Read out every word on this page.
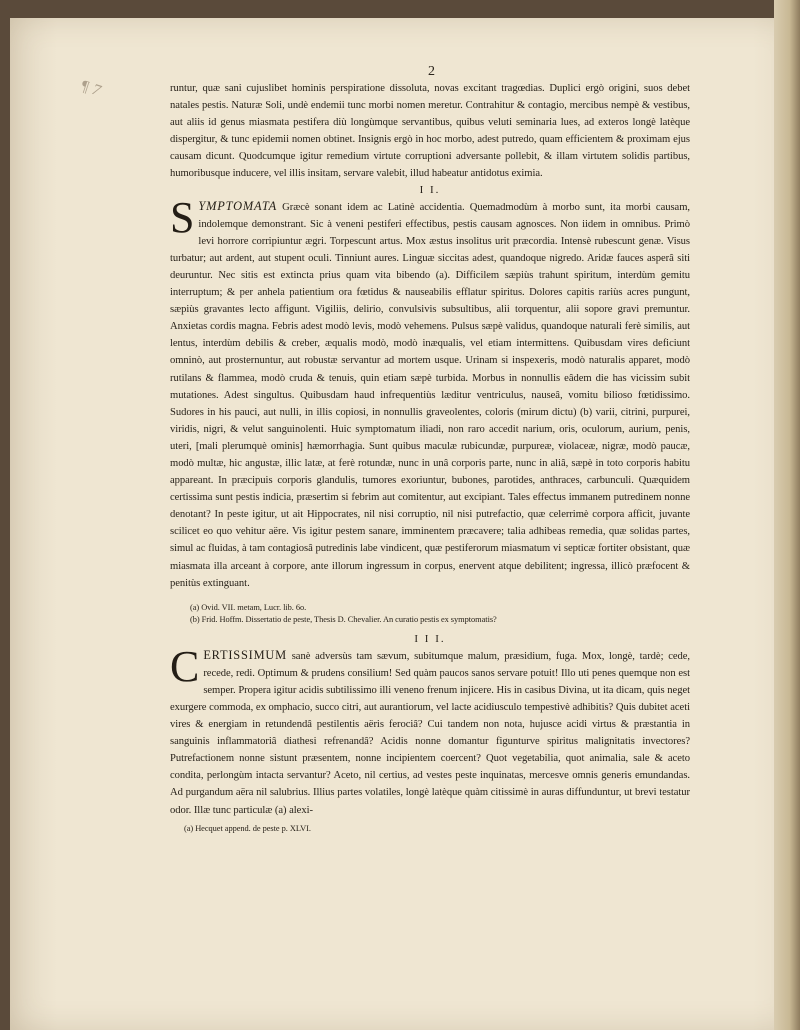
¶ 7
2

runtur, quæ sani cujuslibet hominis perspiratione dissoluta, novas excitant tragœdias. Duplici ergò origini, suos debet natales pestis. Naturæ Soli, undè endemii tunc morbi nomen meretur. Contrahitur & contagio, mercibus nempè & vestibus, aut aliis id genus miasmata pestifera diù longùmque servantibus, quibus veluti seminaria lues, ad exteros longè latèque dispergitur, & tunc epidemii nomen obtinet. Insignis ergò in hoc morbo, adest putredo, quam efficientem & proximam ejus causam dicunt. Quodcumque igitur remedium virtute corruptioni adversante pollebit, & illam virtutem solidis partibus, humoribusque inducere, vel illis insitam, servare valebit, illud habeatur antidotus eximia.

I I.

SYMPTOMATA Græcè sonant idem ac Latinè accidentia. Quemadmodùm à morbo sunt, ita morbi causam, indolemque demonstrant. Sic à veneni pestiferi effectibus, pestis causam agnosces. Non iidem in omnibus. Primò levi horrore corripiuntur ægri. Torpescunt artus. Mox æstus insolitus urit præcordia. Intensè rubescunt genæ. Visus turbatur; aut ardent, aut stupent oculi. Tinniunt aures. Linguæ siccitas adest, quandoque nigredo. Aridæ fauces asperâ siti deuruntur. Nec sitis est extincta prius quam vita bibendo (a). Difficilem sæpiùs trahunt spiritum, interdùm gemitu interruptum; & per anhela patientium ora fœtidus & nauseabilis efflatur spiritus. Dolores capitis rariùs acres pungunt, sæpiùs gravantes lecto affigunt. Vigiliis, delirio, convulsivis subsultibus, alii torquentur, alii sopore gravi premuntur. Anxietas cordis magna. Febris adest modò levis, modò vehemens. Pulsus sæpè validus, quandoque naturali ferè similis, aut lentus, interdùm debilis & creber, æqualis modò, modò inæqualis, vel etiam intermittens. Quibusdam vires deficiunt omninò, aut prosternuntur, aut robustæ servantur ad mortem usque. Urinam si inspexeris, modò naturalis apparet, modò rutilans & flammea, modò cruda & tenuis, quin etiam sæpè turbida. Morbus in nonnullis eâdem die has vicissim subit mutationes. Adest singultus. Quibusdam haud infrequentiùs læditur ventriculus, nauseâ, vomitu bilioso fœtidissimo. Sudores in his pauci, aut nulli, in illis copiosi, in nonnullis graveolentes, coloris (mirum dictu) (b) varii, citrini, purpurei, viridis, nigri, & velut sanguinolenti. Huic symptomatum iliadi, non raro accedit narium, oris, oculorum, aurium, penis, uteri, [mali plerumquè ominis] hæmorrhagia. Sunt quibus maculæ rubicundæ, purpureæ, violaceæ, nigræ, modò paucæ, modò multæ, hic angustæ, illic latæ, at ferè rotundæ, nunc in unâ corporis parte, nunc in aliâ, sæpè in toto corporis habitu appareant. In præcipuis corporis glandulis, tumores exoriuntur, bubones, parotides, anthraces, carbunculi. Quæquidem certissima sunt pestis indicia, præsertim si febrim aut comitentur, aut excipiant. Tales effectus immanem putredinem nonne denotant? In peste igitur, ut ait Hippocrates, nil nisi corruptio, nil nisi putrefactio, quæ celerrimè corpora afficit, juvante scilicet eo quo vehitur aëre. Vis igitur pestem sanare, imminentem præcavere; talia adhibeas remedia, quæ solidas partes, simul ac fluidas, à tam contagiosâ putredinis labe vindicent, quæ pestiferorum miasmatum vi septicæ fortiter obsistant, quæ miasmata illa arceant à corpore, ante illorum ingressum in corpus, enervent atque debilitent; ingressa, illicò præfocent & penitùs extinguant.

(a) Ovid. VII. metam, Lucr. lib. 6o.

(b) Frid. Hoffm. Dissertatio de peste, Thesis D. Chevalier. An curatio pestis ex symptomatis?

I I I.

CERTISSIMUM sanè adversùs tam sævum, subitumque malum, præsidium, fuga. Mox, longè, tardè; cede, recede, redi. Optimum & prudens consilium! Sed quàm paucos sanos servare potuit! Illo uti penes quemque non est semper. Propera igitur acidis subtilissimo illi veneno frenum injicere. His in casibus Divina, ut ita dicam, quis neget exurgere commoda, ex omphacio, succo citri, aut aurantiorum, vel lacte acidiusculo tempestivè adhibitis? Quis dubitet aceti vires & energiam in retundendâ pestilentis aëris ferociâ? Cui tandem non nota, hujusce acidi virtus & præstantia in sanguinis inflammatoriâ diathesi refrenandâ? Acidis nonne domantur figunturve spiritus malignitatis invectores? Putrefactionem nonne sistunt præsentem, nonne incipientem coercent? Quot vegetabilia, quot animalia, sale & aceto condita, perlongùm intacta servantur? Aceto, nil certius, ad vestes peste inquinatas, mercesve omnis generis emundandas. Ad purgandum aëra nil salubrius. Illius partes volatiles, longè latèque quàm citissimè in auras diffunduntur, ut brevi testatur odor. Illæ tunc particulæ (a) alexi-

(a) Hecquet append. de peste p. XLVI.
